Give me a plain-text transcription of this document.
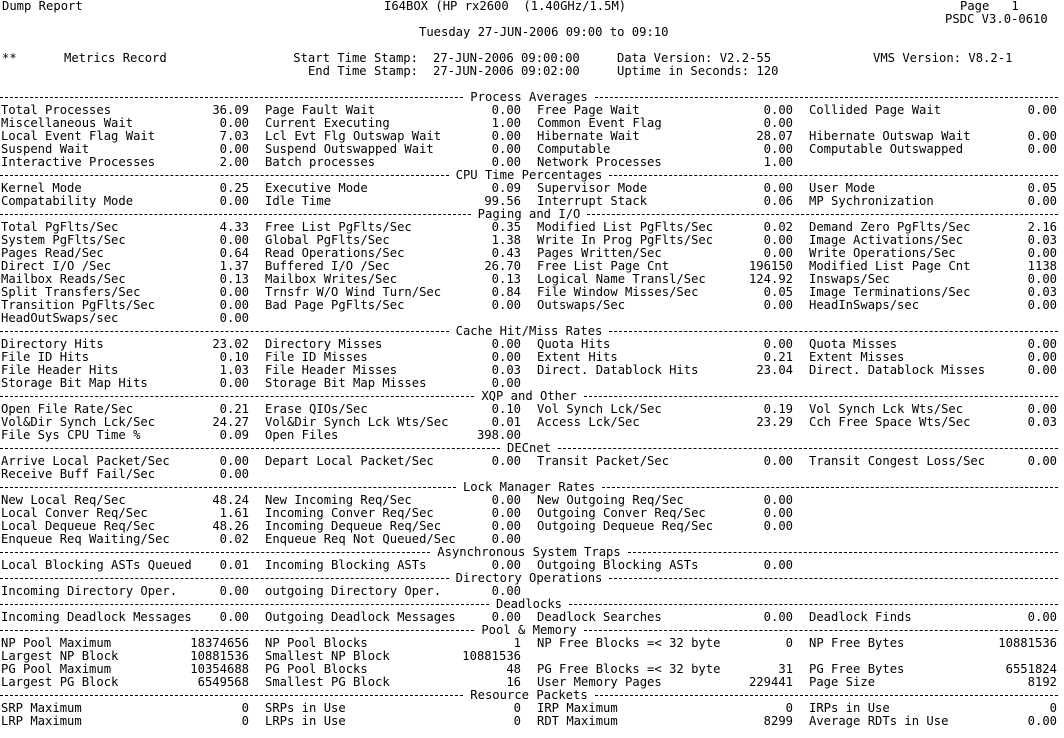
Dump Report	I64BOX (HP rx2600  (1.40GHz/1.5M)	Page   1
PSDC V3.0-0610
Tuesday 27-JUN-2006 09:00 to 09:10
**	Metrics Record	Start Time Stamp: 27-JUN-2006 09:00:00
End Time Stamp: 27-JUN-2006 09:02:00
Data Version: V2.2-55
Uptime in Seconds: 120
VMS Version: V8.2-1
Process Averages
Total Processes	36.09 Page Fault Wait	0.00 Free Page Wait	0.00 Collided Page Wait	0.00
Miscellaneous Wait	0.00 Current Executing	1.00 Common Event Flag	0.00
Local Event Flag Wait	7.03 Lcl Evt Flg Outswap Wait	0.00 Hibernate Wait	28.07 Hibernate Outswap Wait	0.00
Suspend Wait	0.00 Suspend Outswapped Wait	0.00 Computable	0.00 Computable Outswapped	0.00
Interactive Processes	2.00 Batch processes	0.00 Network Processes	1.00
CPU Time Percentages
Kernel Mode	0.25 Executive Mode	0.09 Supervisor Mode	0.00 User Mode	0.05
Compatability Mode	0.00 Idle Time	99.56 Interrupt Stack	0.06 MP Sychronization	0.00
Paging and I/O
Total PgFlts/Sec	4.33 Free List PgFlts/Sec	0.35 Modified List PgFlts/Sec	0.02 Demand Zero PgFlts/Sec	2.16
System PgFlts/Sec	0.00 Global PgFlts/Sec	1.38 Write In Prog PgFlts/Sec	0.00 Image Activations/Sec	0.03
Pages Read/Sec	0.64 Read Operations/Sec	0.43 Pages Written/Sec	0.00 Write Operations/Sec	0.00
Direct I/O /Sec	1.37 Buffered I/O /Sec	26.70 Free List Page Cnt	196150 Modified List Page Cnt	1138
Mailbox Reads/Sec	0.13 Mailbox Writes/Sec	0.13 Logical Name Transl/Sec	124.92 Inswaps/Sec	0.00
Split Transfers/Sec	0.00 Trnsfr W/O Wind Turn/Sec	0.84 File Window Misses/Sec	0.05 Image Terminations/Sec	0.03
Transition PgFlts/Sec	0.00 Bad Page PgFlts/Sec	0.00 Outswaps/Sec	0.00 HeadInSwaps/sec	0.00
HeadOutSwaps/sec	0.00
Cache Hit/Miss Rates
Directory Hits	23.02 Directory Misses	0.00 Quota Hits	0.00 Quota Misses	0.00
File ID Hits	0.10 File ID Misses	0.00 Extent Hits	0.21 Extent Misses	0.00
File Header Hits	1.03 File Header Misses	0.03 Direct. Datablock Hits	23.04 Direct. Datablock Misses	0.00
Storage Bit Map Hits	0.00 Storage Bit Map Misses	0.00
XQP and Other
Open File Rate/Sec	0.21 Erase QIOs/Sec	0.10 Vol Synch Lck/Sec	0.19 Vol Synch Lck Wts/Sec	0.00
Vol&Dir Synch Lck/Sec	24.27 Vol&Dir Synch Lck Wts/Sec	0.01 Access Lck/Sec	23.29 Cch Free Space Wts/Sec	0.03
File Sys CPU Time %	0.09 Open Files	398.00
DECnet
Arrive Local Packet/Sec	0.00 Depart Local Packet/Sec	0.00 Transit Packet/Sec	0.00 Transit Congest Loss/Sec	0.00
Receive Buff Fail/Sec	0.00
Lock Manager Rates
New Local Req/Sec	48.24 New Incoming Req/Sec	0.00 New Outgoing Req/Sec	0.00
Local Conver Req/Sec	1.61 Incoming Conver Req/Sec	0.00 Outgoing Conver Req/Sec	0.00
Local Dequeue Req/Sec	48.26 Incoming Dequeue Req/Sec	0.00 Outgoing Dequeue Req/Sec	0.00
Enqueue Req Waiting/Sec	0.02 Enqueue Req Not Queued/Sec	0.00
Asynchronous System Traps
Local Blocking ASTs Queued	0.01 Incoming Blocking ASTs	0.00 Outgoing Blocking ASTs	0.00
Directory Operations
Incoming Directory Oper.	0.00 outgoing Directory Oper.	0.00
Deadlocks
Incoming Deadlock Messages	0.00 Outgoing Deadlock Messages	0.00 Deadlock Searches	0.00 Deadlock Finds	0.00
Pool & Memory
NP Pool Maximum	18374656 NP Pool Blocks	1 NP Free Blocks =< 32 byte	0 NP Free Bytes	10881536
Largest NP Block	10881536 Smallest NP Block	10881536
PG Pool Maximum	10354688 PG Pool Blocks	48 PG Free Blocks =< 32 byte	31 PG Free Bytes	6551824
Largest PG Block	6549568 Smallest PG Block	16 User Memory Pages	229441 Page Size	8192
Resource Packets
SRP Maximum	0 SRPs in Use	0 IRP Maximum	0 IRPs in Use	0
LRP Maximum	0 LRPs in Use	0 RDT Maximum	8299 Average RDTs in Use	0.00
